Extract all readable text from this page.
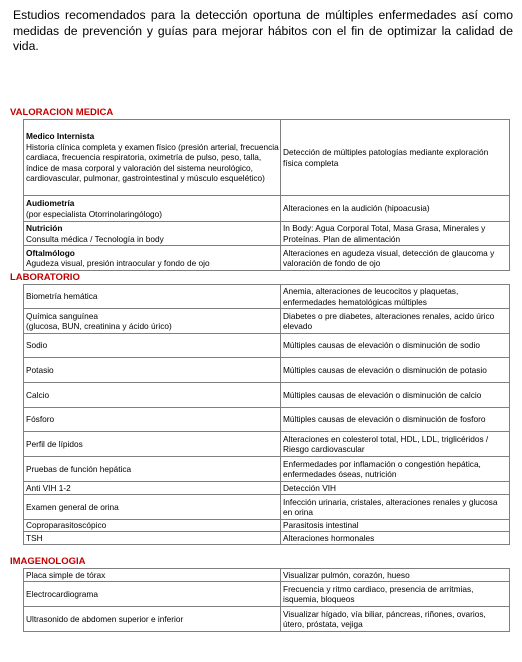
Estudios recomendados para la detección oportuna de múltiples enfermedades así como medidas de prevención y guías para mejorar hábitos con el fin de optimizar la calidad de vida.
VALORACION MEDICA
Medico Internista
Historia clínica completa y examen físico (presión arterial, frecuencia cardiaca, frecuencia respiratoria, oximetría de pulso, peso, talla, índice de masa corporal y valoración del sistema neurológico, cardiovascular, pulmonar, gastrointestinal y músculo esquelético)	Detección de múltiples patologías mediante exploración física completa

Audiometría
(por especialista Otorrinolaringólogo)	Alteraciones en la audición (hipoacusia)

Nutrición
Consulta médica / Tecnología in body	In Body: Agua Corporal Total, Masa Grasa, Minerales y Proteínas. Plan de alimentación

Oftalmólogo
Agudeza visual, presión intraocular y fondo de ojo	Alteraciones en agudeza visual, detección de glaucoma y valoración de fondo de ojo
LABORATORIO
Biometría hemática	Anemia, alteraciones de leucocitos y plaquetas, enfermedades hematológicas múltiples
Química sanguínea
(glucosa, BUN, creatinina y ácido úrico)	Diabetes o pre diabetes, alteraciones renales, acido úrico elevado
Sodio	Múltiples causas de elevación o disminución de sodio
Potasio	Múltiples causas de elevación o disminución de potasio
Calcio	Múltiples causas de elevación o disminución de calcio
Fósforo	Múltiples causas de elevación o disminución de fosforo
Perfil de lípidos	Alteraciones en colesterol total, HDL, LDL, triglicéridos / Riesgo cardiovascular
Pruebas de función hepática	Enfermedades por inflamación o congestión hepática, enfermedades óseas, nutrición
Anti VIH 1-2	Detección VIH
Examen general de orina	Infección urinaria, cristales, alteraciones renales y glucosa en orina
Coproparasitoscópico	Parasitosis intestinal
TSH	Alteraciones hormonales
IMAGENOLOGIA
Placa simple de tórax	Visualizar pulmón, corazón, hueso
Electrocardiograma	Frecuencia y ritmo cardiaco, presencia de arritmias, isquemia, bloqueos
Ultrasonido de abdomen superior e inferior	Visualizar hígado, vía biliar, páncreas, riñones, ovarios, útero, próstata, vejiga
